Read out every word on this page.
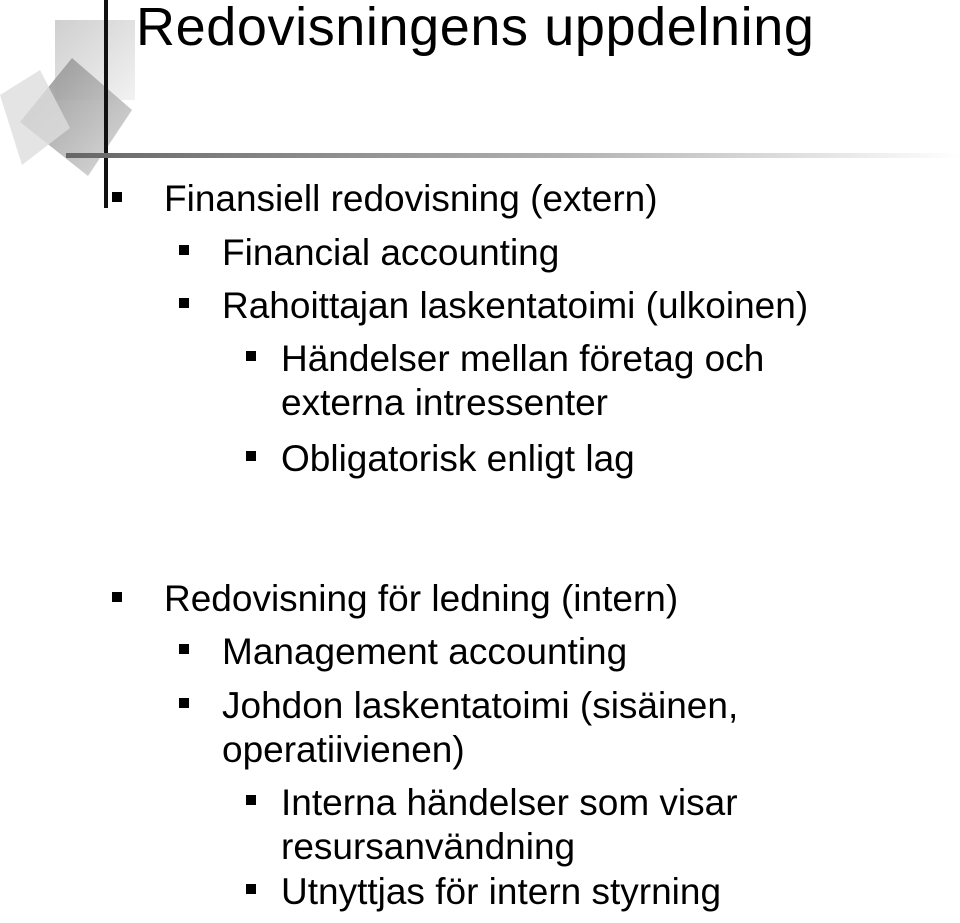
Redovisningens uppdelning
Finansiell redovisning (extern)
Financial accounting
Rahoittajan laskentatoimi (ulkoinen)
Händelser mellan företag och
externa intressenter
Obligatorisk enligt lag
Redovisning för ledning (intern)
Management accounting
Johdon laskentatoimi (sisäinen,
operatiivienen)
Interna händelser som visar
resursanvändning
Utnyttjas för intern styrning
